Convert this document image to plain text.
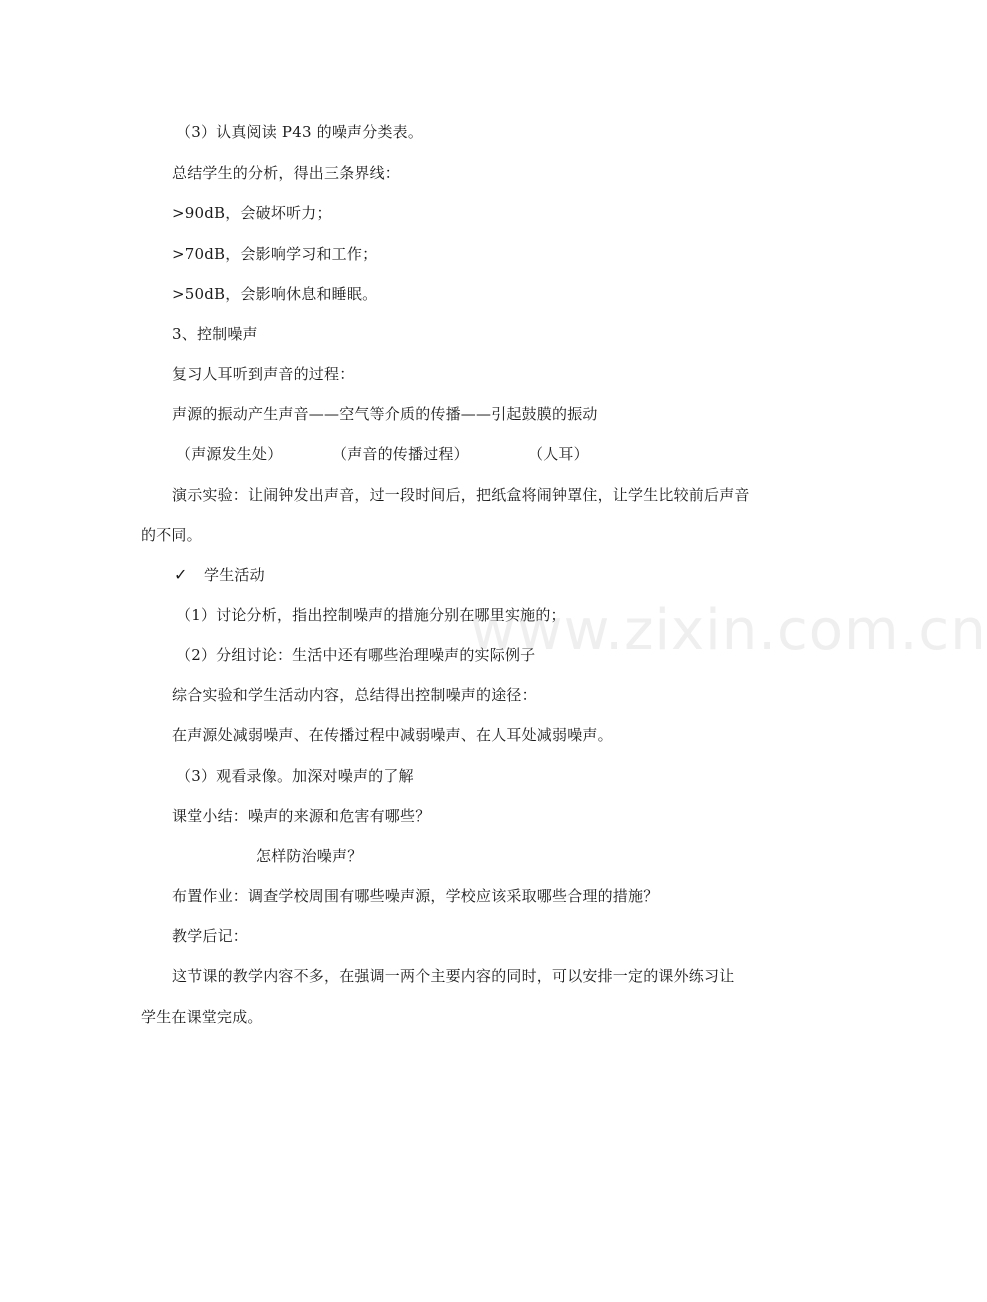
（3）认真阅读 P43 的噪声分类表。
总结学生的分析，得出三条界线：
>90dB，会破坏听力；
>70dB，会影响学习和工作；
>50dB，会影响休息和睡眠。
3、控制噪声
复习人耳听到声音的过程：
声源的振动产生声音——空气等介质的传播——引起鼓膜的振动
（声源发生处）	（声音的传播过程）	（人耳）
演示实验：让闹钟发出声音，过一段时间后，把纸盒将闹钟罩住，让学生比较前后声音
的不同。
✓ 学生活动
（1）讨论分析，指出控制噪声的措施分别在哪里实施的；
（2）分组讨论：生活中还有哪些治理噪声的实际例子
综合实验和学生活动内容，总结得出控制噪声的途径：
在声源处减弱噪声、在传播过程中减弱噪声、在人耳处减弱噪声。
（3）观看录像。加深对噪声的了解
课堂小结：噪声的来源和危害有哪些？
怎样防治噪声？
布置作业：调查学校周围有哪些噪声源，学校应该采取哪些合理的措施？
教学后记：
这节课的教学内容不多，在强调一两个主要内容的同时，可以安排一定的课外练习让
学生在课堂完成。
www.zixin.com.cn
